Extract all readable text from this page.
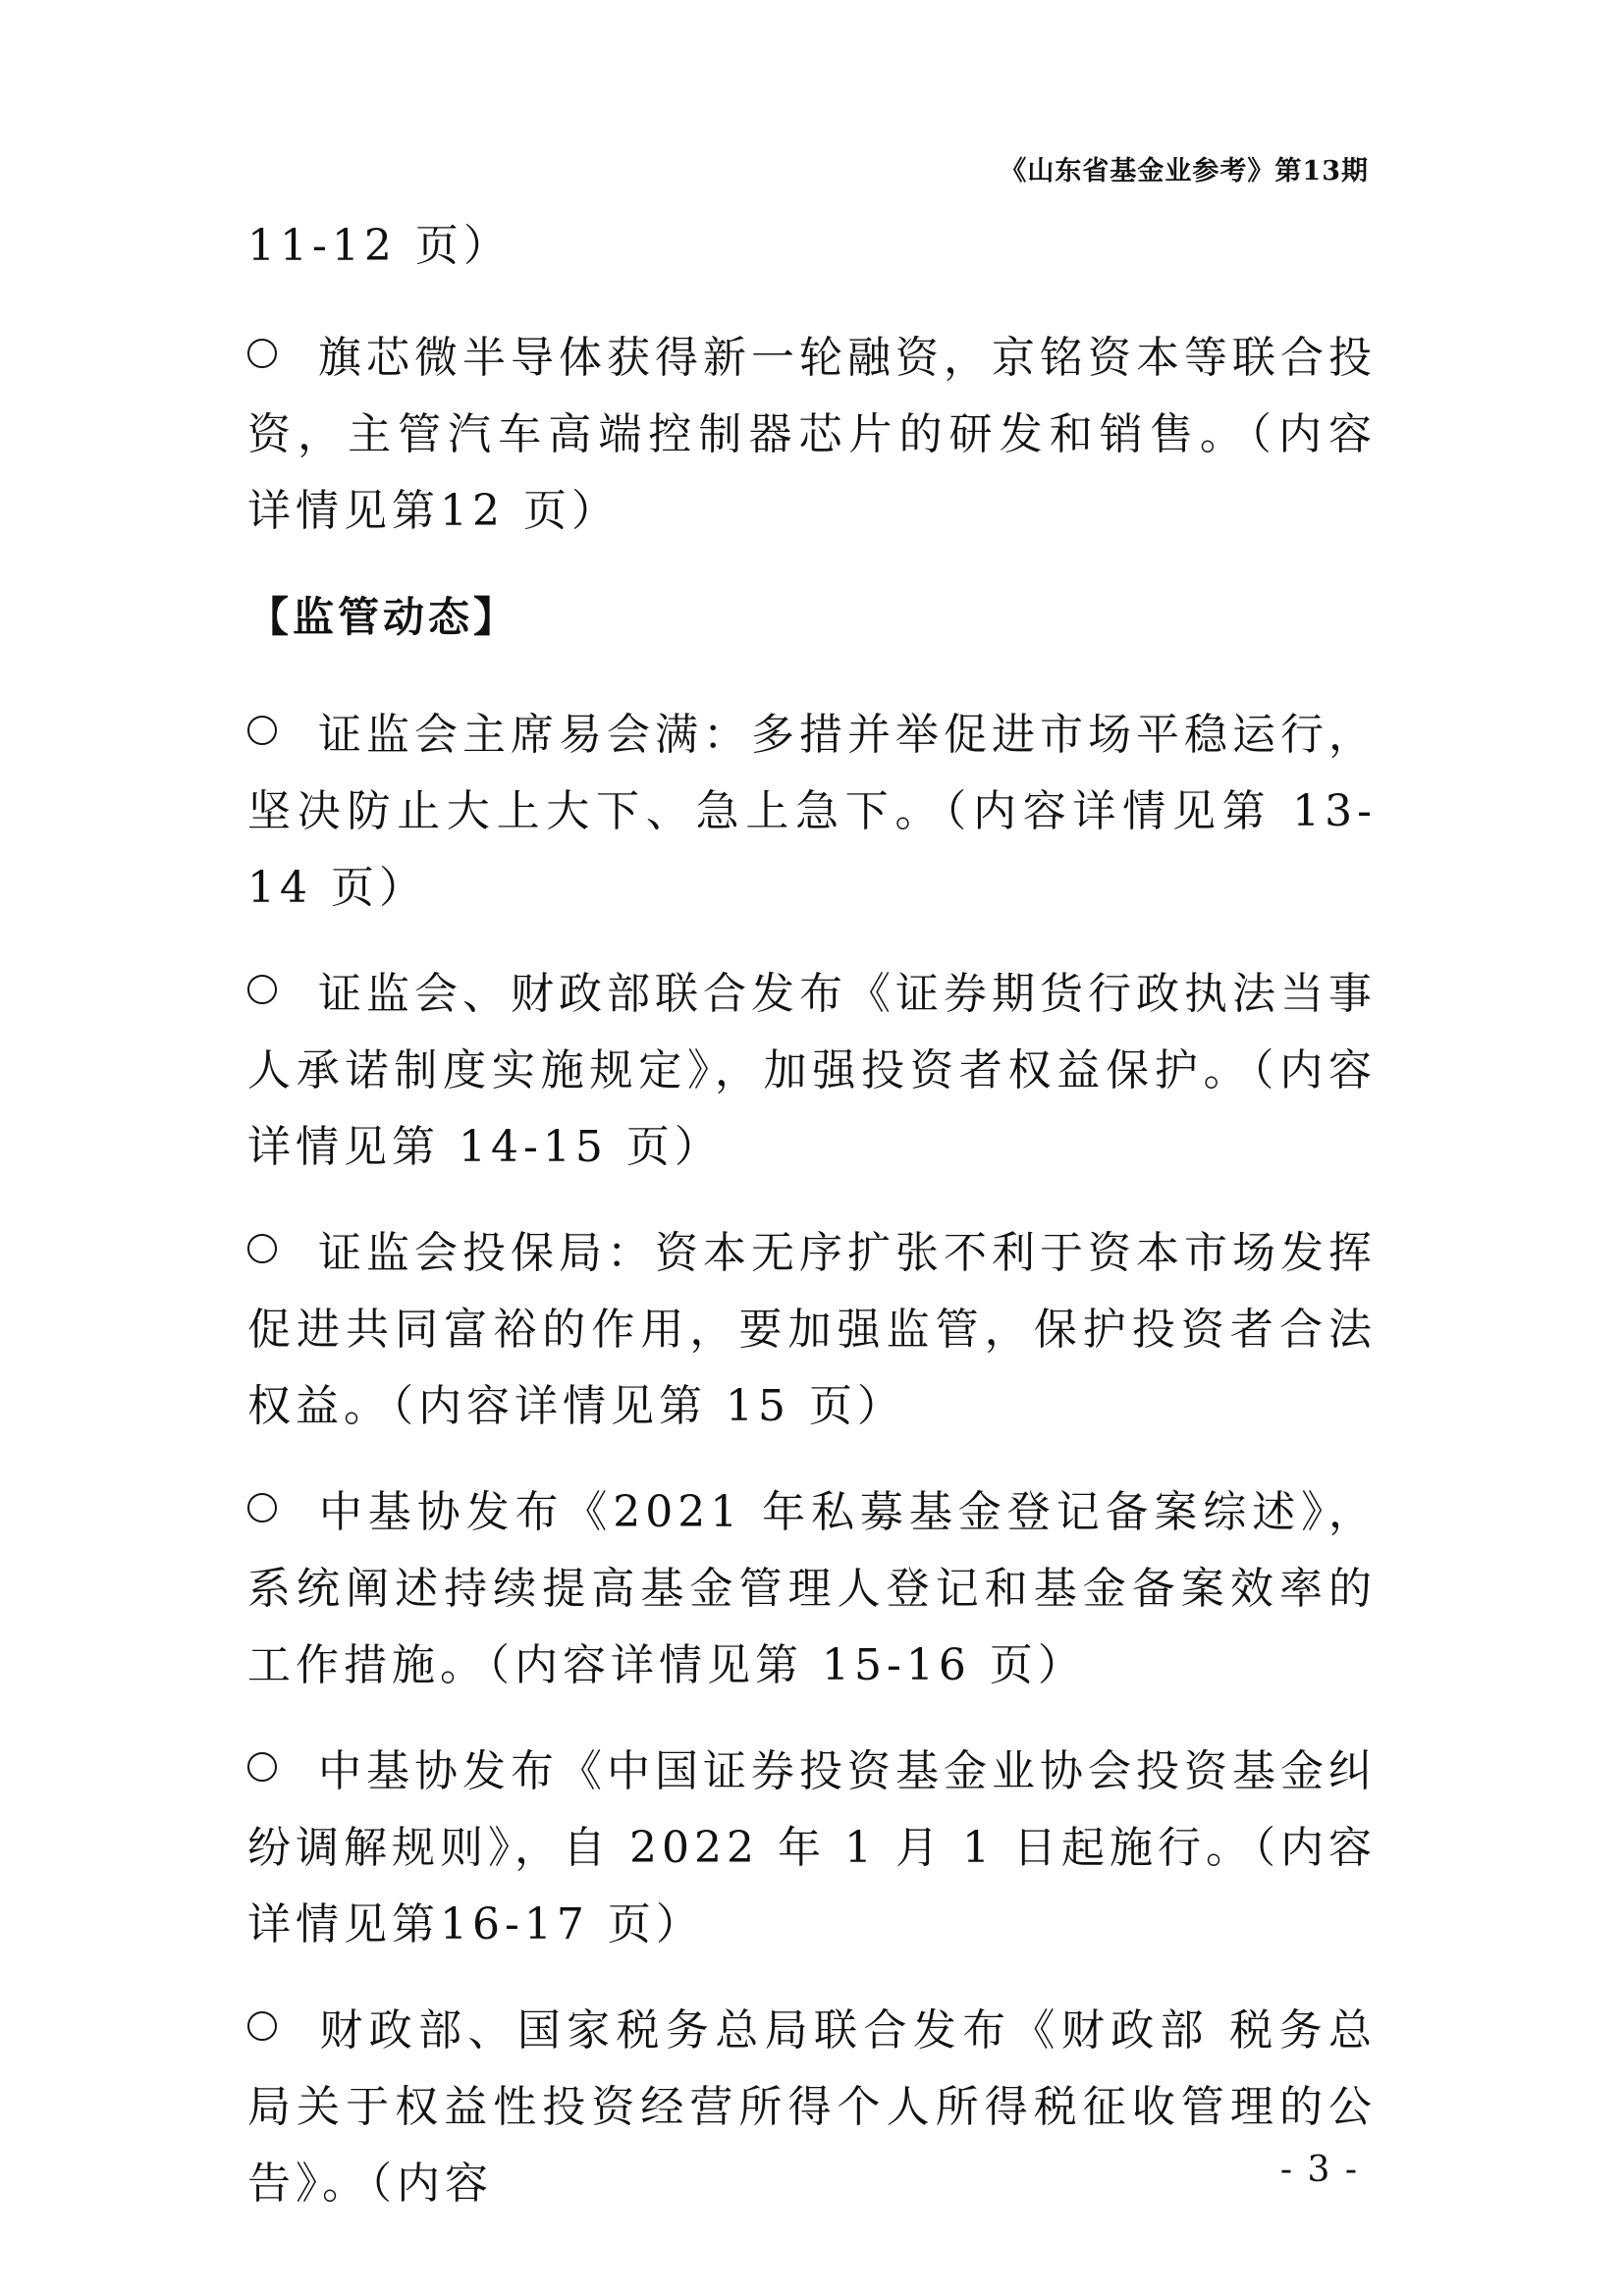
《山东省基金业参考》第13期

11-12 页）

旗芯微半导体获得新一轮融资，京铭资本等联合投资，主管汽车高端控制器芯片的研发和销售。（内容详情见第12 页）

【监管动态】

证监会主席易会满：多措并举促进市场平稳运行，坚决防止大上大下、急上急下。（内容详情见第 13-14 页）

证监会、财政部联合发布《证券期货行政执法当事人承诺制度实施规定》，加强投资者权益保护。（内容详情见第 14-15 页）

证监会投保局：资本无序扩张不利于资本市场发挥促进共同富裕的作用，要加强监管，保护投资者合法权益。（内容详情见第 15 页）

中基协发布《2021 年私募基金登记备案综述》，系统阐述持续提高基金管理人登记和基金备案效率的工作措施。（内容详情见第 15-16 页）

中基协发布《中国证券投资基金业协会投资基金纠纷调解规则》，自 2022 年 1 月 1 日起施行。（内容详情见第16-17 页）

财政部、国家税务总局联合发布《财政部 税务总局关于权益性投资经营所得个人所得税征收管理的公告》。（内容	- 3 -
